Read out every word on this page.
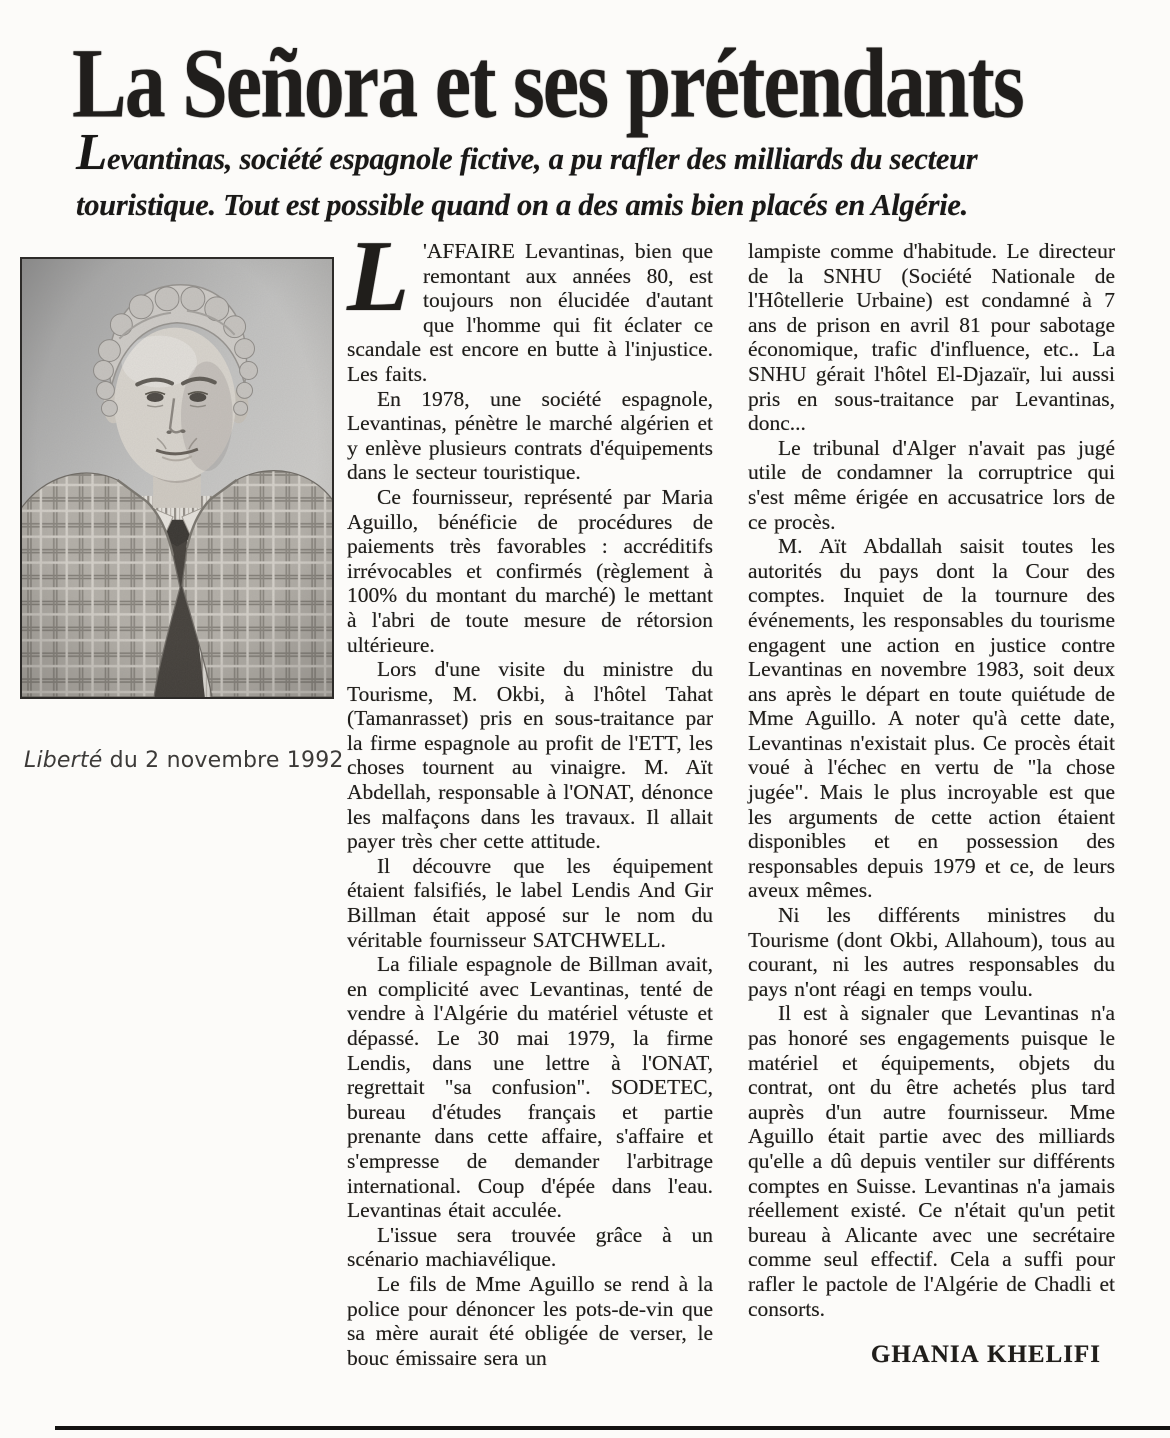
La Señora et ses prétendants
Levantinas, société espagnole fictive, a pu rafler des milliards du secteur
touristique. Tout est possible quand on a des amis bien placés en Algérie.
Liberté du 2 novembre 1992

L 'AFFAIRE Levantinas, bien que remontant aux années 80, est toujours non élucidée d'autant que l'homme qui fit éclater ce scandale est encore en butte à l'injustice. Les faits.

En 1978, une société espagnole, Levantinas, pénètre le marché algérien et y enlève plusieurs contrats d'équipements dans le secteur touristique.

Ce fournisseur, représenté par Maria Aguillo, bénéficie de procédures de paiements très favorables : accréditifs irrévocables et confirmés (règlement à 100% du montant du marché) le mettant à l'abri de toute mesure de rétorsion ultérieure.

Lors d'une visite du ministre du Tourisme, M. Okbi, à l'hôtel Tahat (Tamanrasset) pris en sous-traitance par la firme espagnole au profit de l'ETT, les choses tournent au vinaigre. M. Aït Abdellah, responsable à l'ONAT, dénonce les malfaçons dans les travaux. Il allait payer très cher cette attitude.

Il découvre que les équipement étaient falsifiés, le label Lendis And Gir Billman était apposé sur le nom du véritable fournisseur SATCHWELL.

La filiale espagnole de Billman avait, en complicité avec Levantinas, tenté de vendre à l'Algérie du matériel vétuste et dépassé. Le 30 mai 1979, la firme Lendis, dans une lettre à l'ONAT, regrettait "sa confusion". SODETEC, bureau d'études français et partie prenante dans cette affaire, s'affaire et s'empresse de demander l'arbitrage international. Coup d'épée dans l'eau. Levantinas était acculée.

L'issue sera trouvée grâce à un scénario machiavélique.

Le fils de Mme Aguillo se rend à la police pour dénoncer les pots-de-vin que sa mère aurait été obligée de verser, le bouc émissaire sera un

lampiste comme d'habitude. Le directeur de la SNHU (Société Nationale de l'Hôtellerie Urbaine) est condamné à 7 ans de prison en avril 81 pour sabotage économique, trafic d'influence, etc.. La SNHU gérait l'hôtel El-Djazaïr, lui aussi pris en sous-traitance par Levantinas, donc...

Le tribunal d'Alger n'avait pas jugé utile de condamner la corruptrice qui s'est même érigée en accusatrice lors de ce procès.

M. Aït Abdallah saisit toutes les autorités du pays dont la Cour des comptes. Inquiet de la tournure des événements, les responsables du tourisme engagent une action en justice contre Levantinas en novembre 1983, soit deux ans après le départ en toute quiétude de Mme Aguillo. A noter qu'à cette date, Levantinas n'existait plus. Ce procès était voué à l'échec en vertu de "la chose jugée". Mais le plus incroyable est que les arguments de cette action étaient disponibles et en possession des responsables depuis 1979 et ce, de leurs aveux mêmes.

Ni les différents ministres du Tourisme (dont Okbi, Allahoum), tous au courant, ni les autres responsables du pays n'ont réagi en temps voulu.

Il est à signaler que Levantinas n'a pas honoré ses engagements puisque le matériel et équipements, objets du contrat, ont du être achetés plus tard auprès d'un autre fournisseur. Mme Aguillo était partie avec des milliards qu'elle a dû depuis ventiler sur différents comptes en Suisse. Levantinas n'a jamais réellement existé. Ce n'était qu'un petit bureau à Alicante avec une secrétaire comme seul effectif. Cela a suffi pour rafler le pactole de l'Algérie de Chadli et consorts.

GHANIA KHELIFI
